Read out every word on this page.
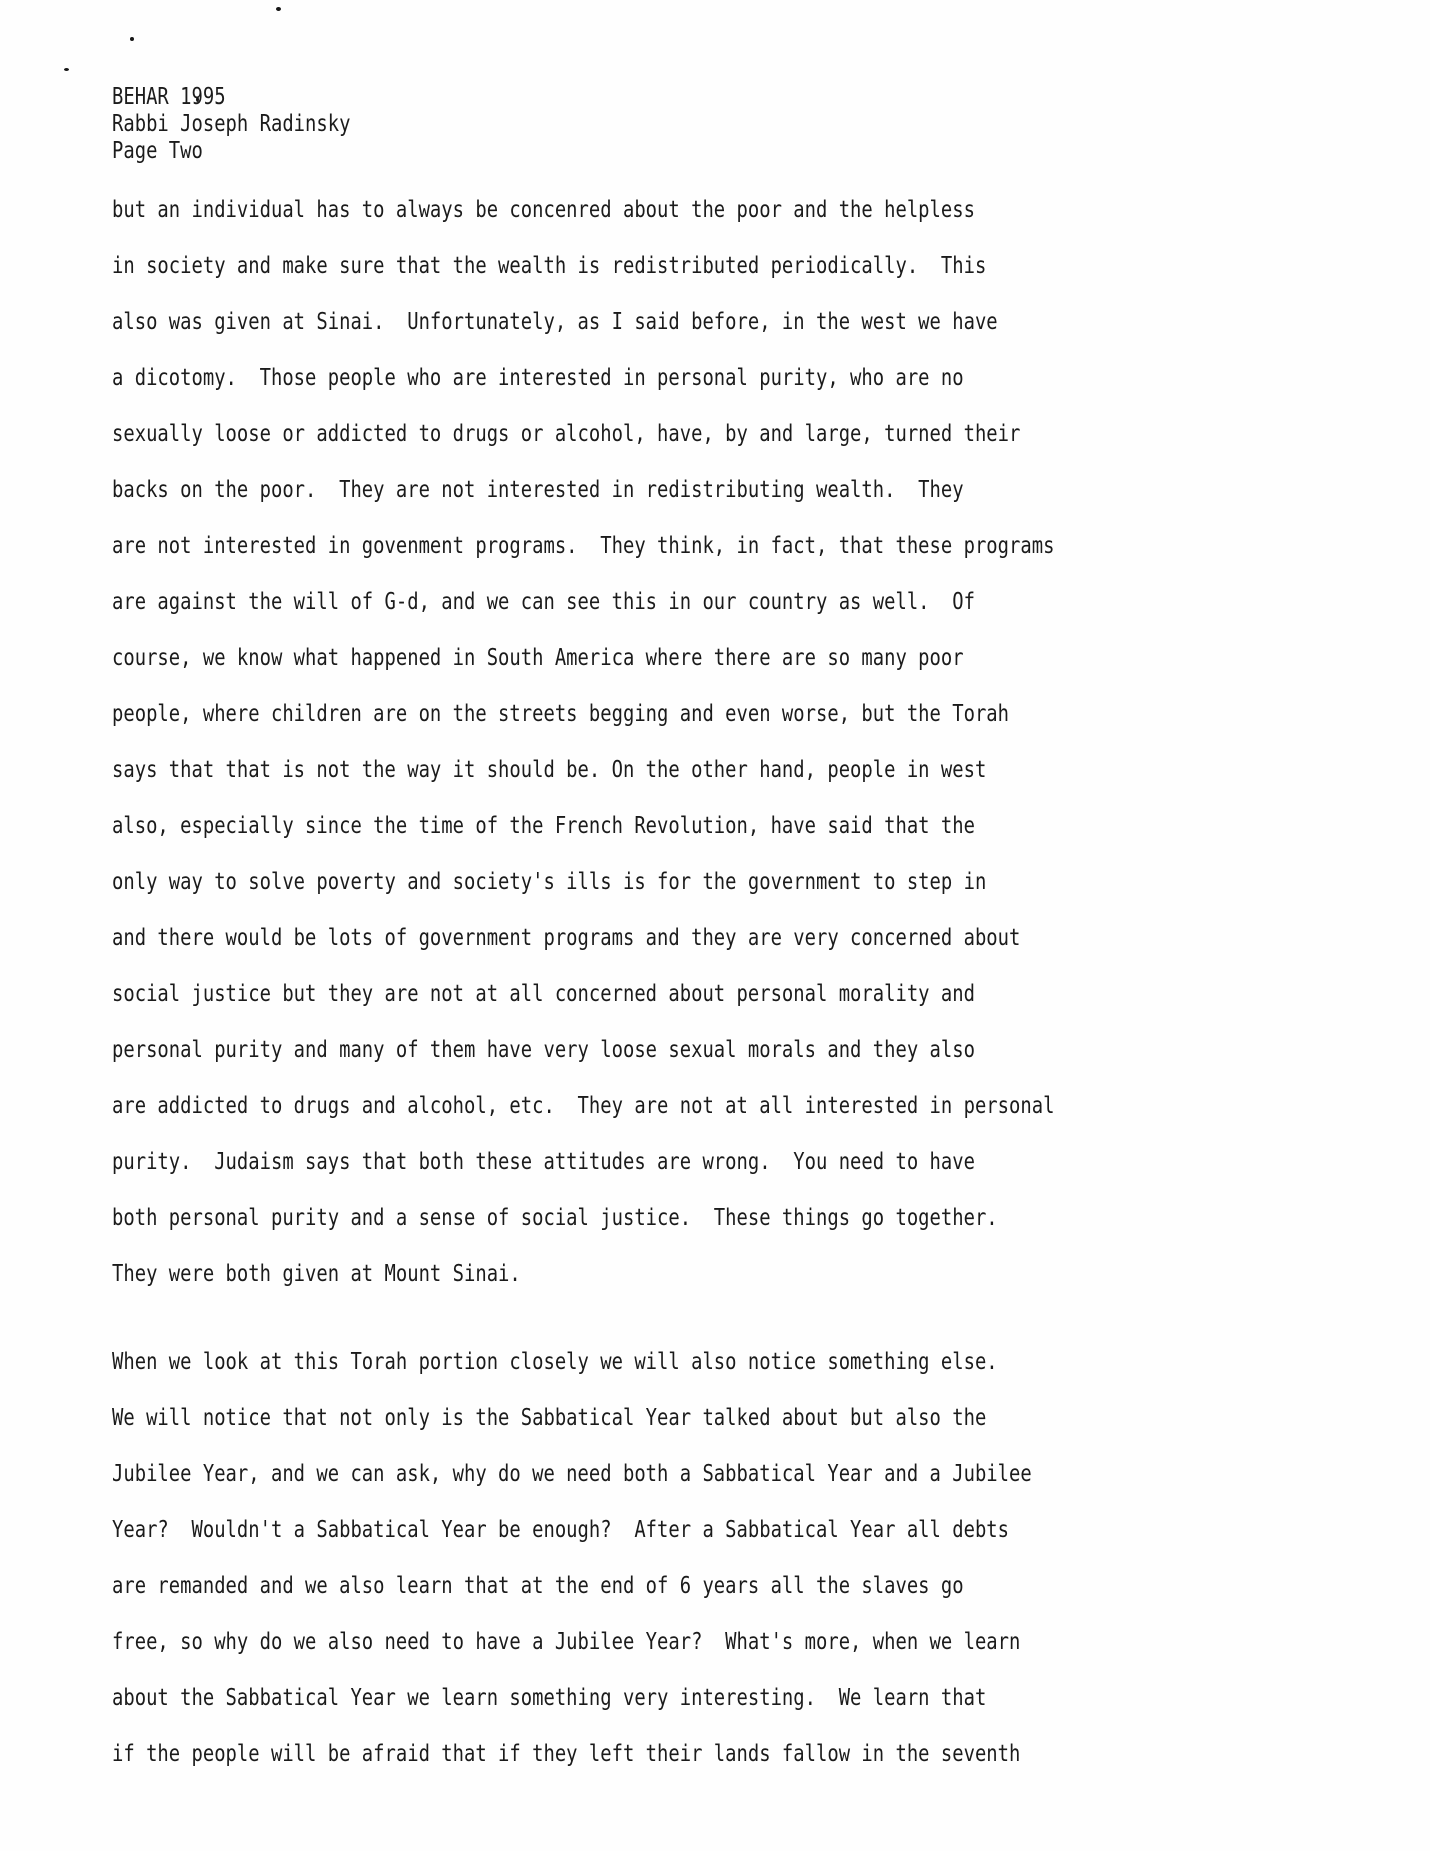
BEHAR 1995
Rabbi Joseph Radinsky
Page Two
but an individual has to always be concenred about the poor and the helpless
in society and make sure that the wealth is redistributed periodically.  This
also was given at Sinai.  Unfortunately, as I said before, in the west we have
a dicotomy.  Those people who are interested in personal purity, who are no
sexually loose or addicted to drugs or alcohol, have, by and large, turned their
backs on the poor.  They are not interested in redistributing wealth.  They
are not interested in govenment programs.  They think, in fact, that these programs
are against the will of G-d, and we can see this in our country as well.  Of
course, we know what happened in South America where there are so many poor
people, where children are on the streets begging and even worse, but the Torah
says that that is not the way it should be. On the other hand, people in west
also, especially since the time of the French Revolution, have said that the
only way to solve poverty and society's ills is for the government to step in
and there would be lots of government programs and they are very concerned about
social justice but they are not at all concerned about personal morality and
personal purity and many of them have very loose sexual morals and they also
are addicted to drugs and alcohol, etc.  They are not at all interested in personal
purity.  Judaism says that both these attitudes are wrong.  You need to have
both personal purity and a sense of social justice.  These things go together.
They were both given at Mount Sinai.
When we look at this Torah portion closely we will also notice something else.
We will notice that not only is the Sabbatical Year talked about but also the
Jubilee Year, and we can ask, why do we need both a Sabbatical Year and a Jubilee
Year?  Wouldn't a Sabbatical Year be enough?  After a Sabbatical Year all debts
are remanded and we also learn that at the end of 6 years all the slaves go
free, so why do we also need to have a Jubilee Year?  What's more, when we learn
about the Sabbatical Year we learn something very interesting.  We learn that
if the people will be afraid that if they left their lands fallow in the seventh
